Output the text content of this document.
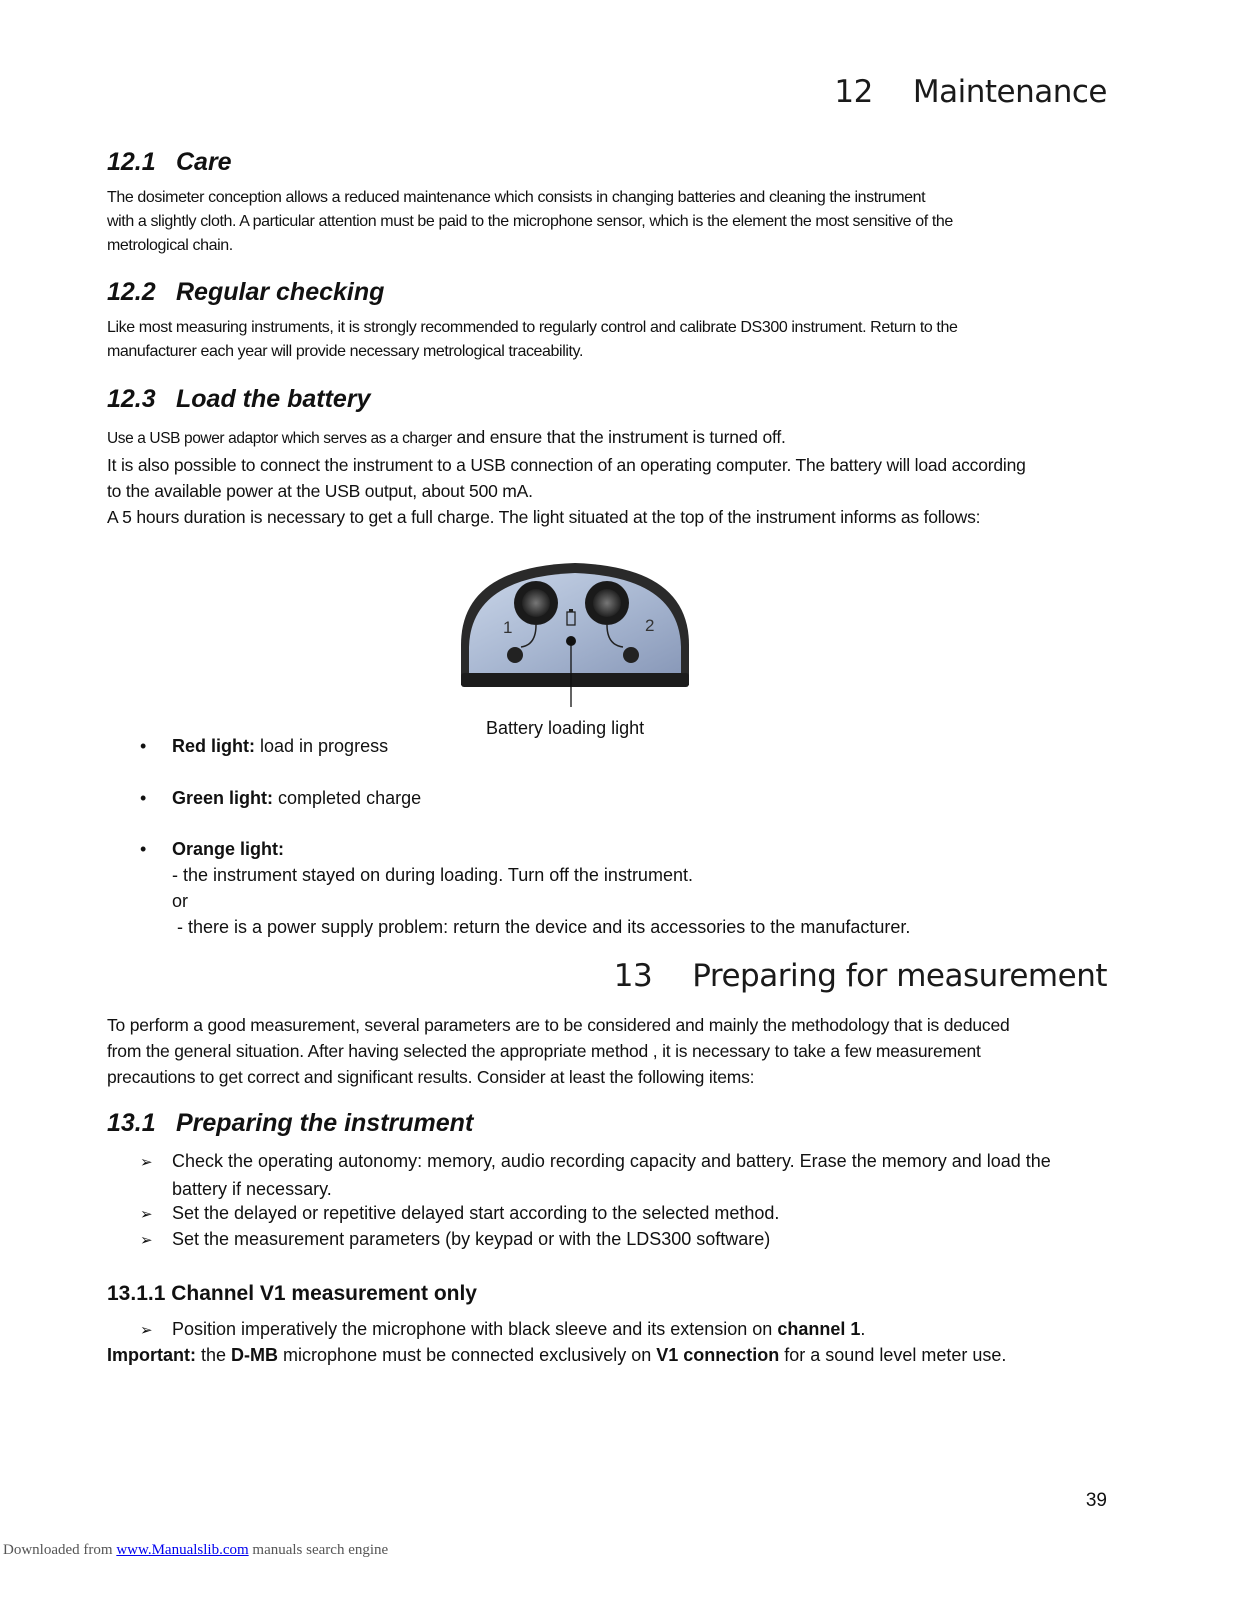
12 Maintenance
12.1 Care
The dosimeter conception allows a reduced maintenance which consists in changing batteries and cleaning the instrument
with a slightly cloth. A particular attention must be paid to the microphone sensor, which is the element the most sensitive of the
metrological chain.
12.2 Regular checking
Like most measuring instruments, it is strongly recommended to regularly control and calibrate DS300 instrument. Return to the
manufacturer each year will provide necessary metrological traceability.
12.3 Load the battery
Use a USB power adaptor which serves as a charger and ensure that the instrument is turned off.
It is also possible to connect the instrument to a USB connection of an operating computer. The battery will load according
to the available power at the USB output, about 500 mA.
A 5 hours duration is necessary to get a full charge. The light situated at the top of the instrument informs as follows:
1	2
Battery loading light
• Red light: load in progress
• Green light: completed charge
• Orange light:
- the instrument stayed on during loading. Turn off the instrument.
or
- there is a power supply problem: return the device and its accessories to the manufacturer.
13 Preparing for measurement
To perform a good measurement, several parameters are to be considered and mainly the methodology that is deduced
from the general situation. After having selected the appropriate method , it is necessary to take a few measurement
precautions to get correct and significant results. Consider at least the following items:
13.1 Preparing the instrument
➢ Check the operating autonomy: memory, audio recording capacity and battery. Erase the memory and load the
battery if necessary.
➢ Set the delayed or repetitive delayed start according to the selected method.
➢ Set the measurement parameters (by keypad or with the LDS300 software)
13.1.1 Channel V1 measurement only
➢ Position imperatively the microphone with black sleeve and its extension on channel 1.
Important: the D-MB microphone must be connected exclusively on V1 connection for a sound level meter use.
39
Downloaded from www.Manualslib.com manuals search engine
